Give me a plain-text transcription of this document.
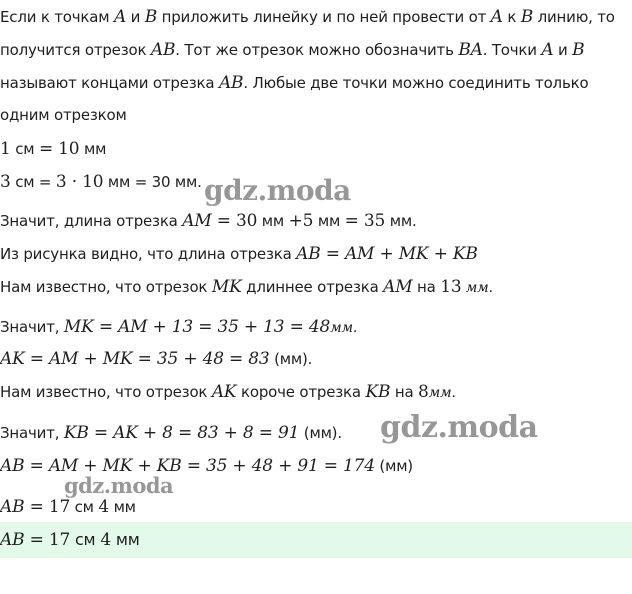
Если к точкам A и B приложить линейку и по ней провести от A к B линию, то
получится отрезок AB. Тот же отрезок можно обозначить BA. Точки A и B
называют концами отрезка AB. Любые две точки можно соединить только
одним отрезком
1 см = 10 мм
3 см = 3 · 10 мм = 30 мм.
Значит, длина отрезка AM = 30 мм +5 мм = 35 мм.
Из рисунка видно, что длина отрезка AB = AM + MK + KB
Нам известно, что отрезок MK длиннее отрезка AM на 13 мм.
Значит, MK = AM + 13 = 35 + 13 = 48мм.
AK = AM + MK = 35 + 48 = 83 (мм).
Нам известно, что отрезок AK короче отрезка KB на 8мм.
Значит, KB = AK + 8 = 83 + 8 = 91 (мм).
AB = AM + MK + KB = 35 + 48 + 91 = 174 (мм)
AB = 17 см 4 мм
AB = 17 см 4 мм
gdz.moda
gdz.moda
gdz.moda
